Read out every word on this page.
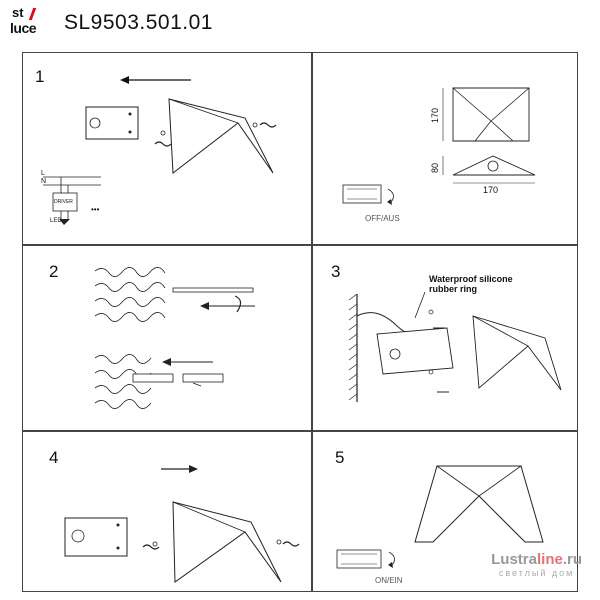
st
luce SL9503.501.01
1
L
N
DRIVER
LED
•••
170
80
170
OFF/AUS
2	3	Waterproof silicone
rubber ring
4	5
ON/EIN
Lustraline.ru
светлый дом
